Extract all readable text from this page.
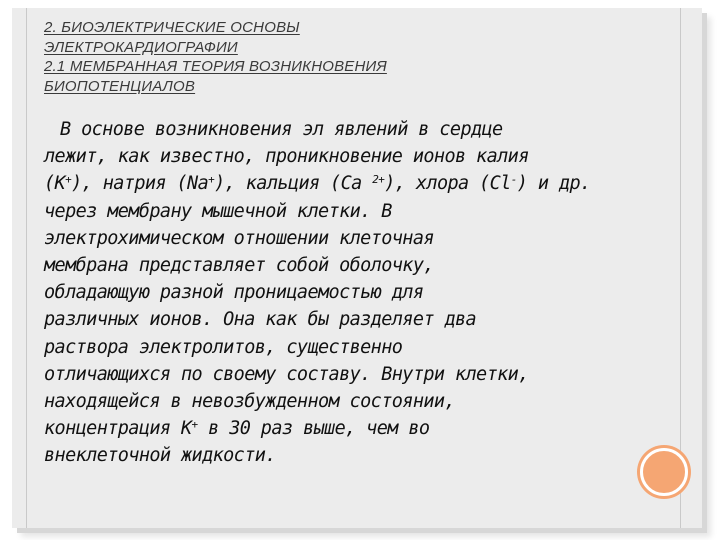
2. БИОЭЛЕКТРИЧЕСКИЕ ОСНОВЫ
ЭЛЕКТРОКАРДИОГРАФИИ
2.1 МЕМБРАННАЯ ТЕОРИЯ ВОЗНИКНОВЕНИЯ
БИОПОТЕНЦИАЛОВ
В основе возникновения эл явлений в сердце
лежит, как известно, проникновение ионов калия
(K+), натрия (Na+), кальция (Ca $^{2+}$), хлора (Cl-) и др.
через мембрану мышечной клетки. В
электрохимическом отношении клеточная
мембрана представляет собой оболочку,
обладающую разной проницаемостью для
различных ионов. Она как бы разделяет два
раствора электролитов, существенно
отличающихся по своему составу. Внутри клетки,
находящейся в невозбужденном состоянии,
концентрация K+ в 30 раз выше, чем во
внеклеточной жидкости.
